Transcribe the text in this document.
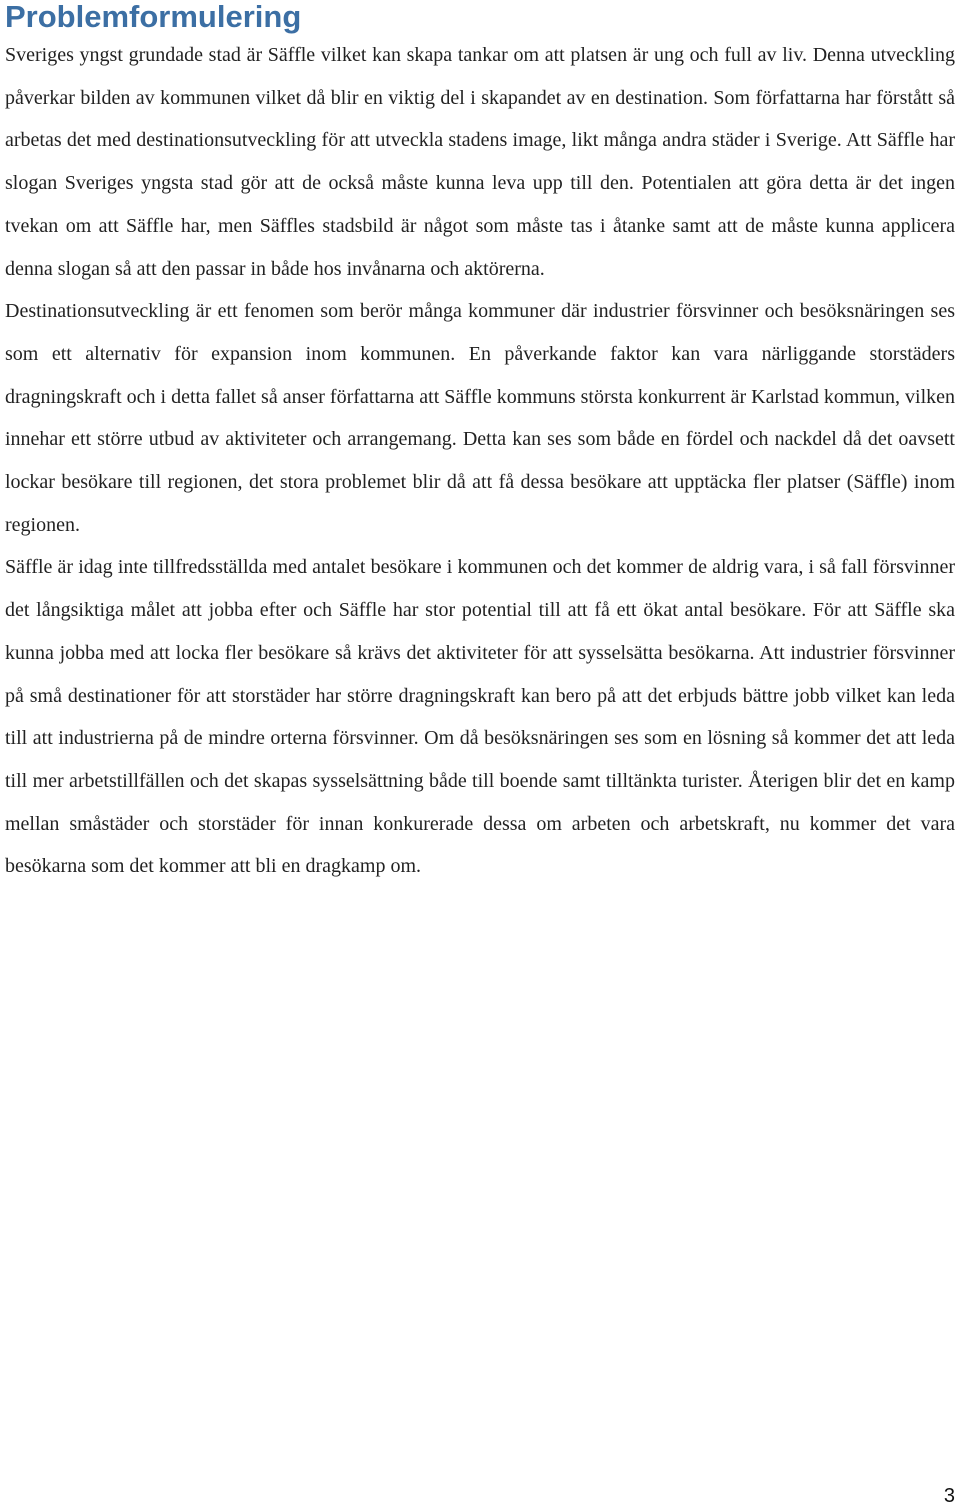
Problemformulering

Sveriges yngst grundade stad är Säffle vilket kan skapa tankar om att platsen är ung och full av liv. Denna utveckling påverkar bilden av kommunen vilket då blir en viktig del i skapandet av en destination. Som författarna har förstått så arbetas det med destinationsutveckling för att utveckla stadens image, likt många andra städer i Sverige. Att Säffle har slogan Sveriges yngsta stad gör att de också måste kunna leva upp till den. Potentialen att göra detta är det ingen tvekan om att Säffle har, men Säffles stadsbild är något som måste tas i åtanke samt att de måste kunna applicera denna slogan så att den passar in både hos invånarna och aktörerna.

Destinationsutveckling är ett fenomen som berör många kommuner där industrier försvinner och besöksnäringen ses som ett alternativ för expansion inom kommunen. En påverkande faktor kan vara närliggande storstäders dragningskraft och i detta fallet så anser författarna att Säffle kommuns största konkurrent är Karlstad kommun, vilken innehar ett större utbud av aktiviteter och arrangemang. Detta kan ses som både en fördel och nackdel då det oavsett lockar besökare till regionen, det stora problemet blir då att få dessa besökare att upptäcka fler platser (Säffle) inom regionen.

Säffle är idag inte tillfredsställda med antalet besökare i kommunen och det kommer de aldrig vara, i så fall försvinner det långsiktiga målet att jobba efter och Säffle har stor potential till att få ett ökat antal besökare. För att Säffle ska kunna jobba med att locka fler besökare så krävs det aktiviteter för att sysselsätta besökarna. Att industrier försvinner på små destinationer för att storstäder har större dragningskraft kan bero på att det erbjuds bättre jobb vilket kan leda till att industrierna på de mindre orterna försvinner. Om då besöksnäringen ses som en lösning så kommer det att leda till mer arbetstillfällen och det skapas sysselsättning både till boende samt tilltänkta turister. Återigen blir det en kamp mellan småstäder och storstäder för innan konkurerade dessa om arbeten och arbetskraft, nu kommer det vara besökarna som det kommer att bli en dragkamp om.

3
